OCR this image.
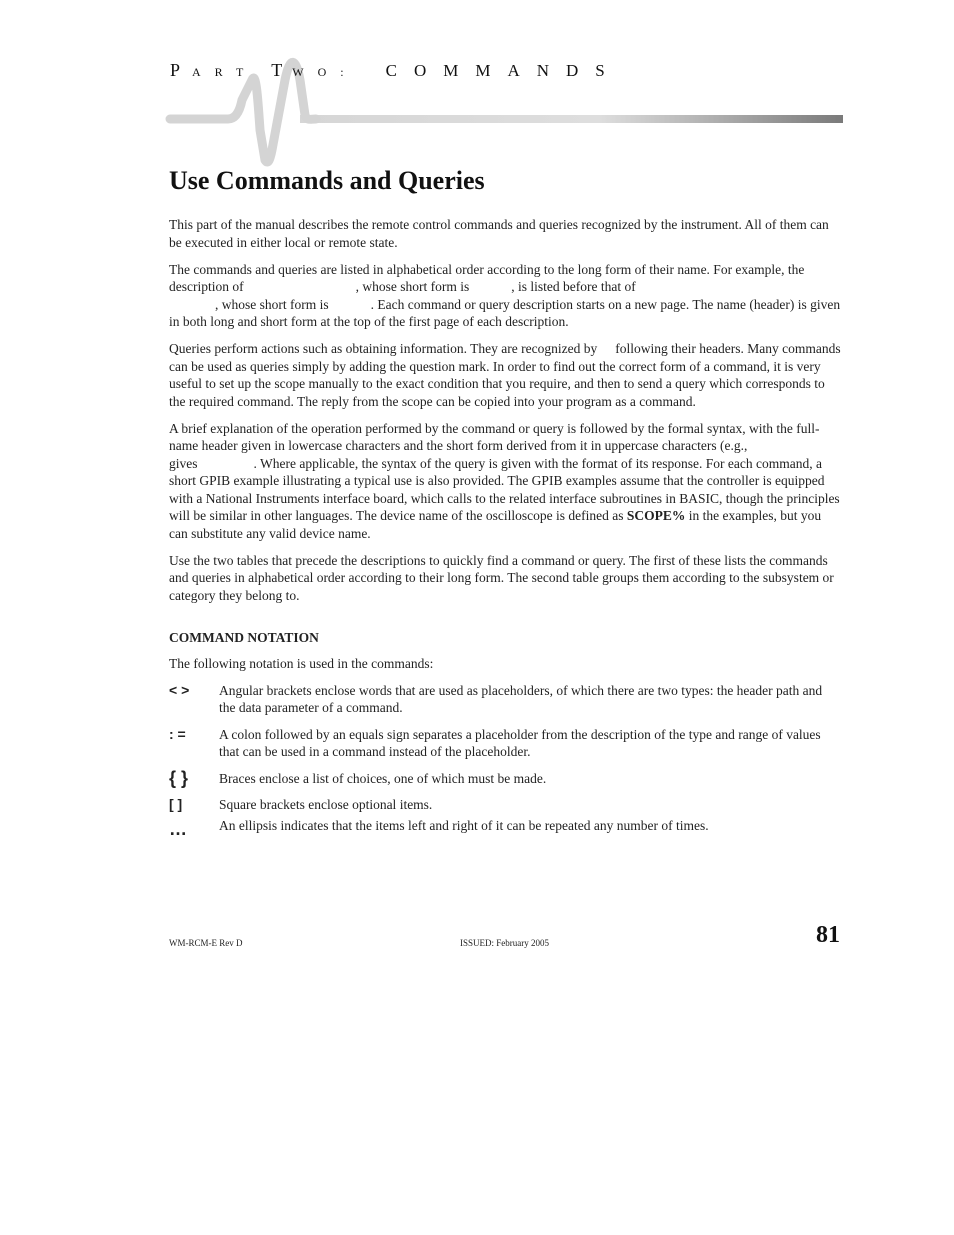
P ART T WO: COMMANDS
Use Commands and Queries

This part of the manual describes the remote control commands and queries recognized by the instrument. All of them can be executed in either local or remote state.

The commands and queries are listed in alphabetical order according to the long form of their name. For example, the description of	, whose short form is	, is listed before that of
, whose short form is	. Each command or query description starts on a new page. The name (header) is given in both long and short form at the top of the first page of each description.

Queries perform actions such as obtaining information. They are recognized by following their headers. Many commands can be used as queries simply by adding the question mark. In order to find out the correct form of a command, it is very useful to set up the scope manually to the exact condition that you require, and then to send a query which corresponds to the required command. The reply from the scope can be copied into your program as a command.

A brief explanation of the operation performed by the command or query is followed by the formal syntax, with the full-name header given in lowercase characters and the short form derived from it in uppercase characters (e.g.,gives	. Where applicable, the syntax of the query is given with the format of its response. For each command, a short GPIB example illustrating a typical use is also provided. The GPIB examples assume that the controller is equipped with a National Instruments interface board, which calls to the related interface subroutines in BASIC, though the principles will be similar in other languages. The device name of the oscilloscope is defined as SCOPE% in the examples, but you can substitute any valid device name.

Use the two tables that precede the descriptions to quickly find a command or query. The first of these lists the commands and queries in alphabetical order according to their long form. The second table groups them according to the subsystem or category they belong to.

COMMAND NOTATION

The following notation is used in the commands:

< >	Angular brackets enclose words that are used as placeholders, of which there are two types: the header path and the data parameter of a command.
: =	A colon followed by an equals sign separates a placeholder from the description of the type and range of values that can be used in a command instead of the placeholder.
{ }	Braces enclose a list of choices, one of which must be made.
[ ]	Square brackets enclose optional items.
…	An ellipsis indicates that the items left and right of it can be repeated any number of times.
WM-RCM-E Rev D	ISSUED: February 2005	81
